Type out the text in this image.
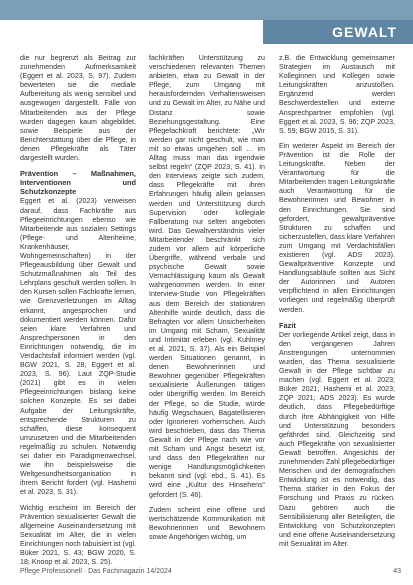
GEWALT

die nur begrenzt als Beitrag zur zunehmenden Aufmerksamkeit (Eggert et al. 2023, S. 97). Zudem bewerteten sie die mediale Aufbereitung als wenig sensibel und ausgewogen dargestellt. Fälle von Mitarbeitenden aus der Pflege wurden dagegen kaum abgebildet, sowie Beispiele aus der Berichterstattung über die Pflege, in denen Pflegekräfte als Täter dargestellt wurden.

Prävention – Maßnahmen, Interventionen und Schutzkonzepte

Eggert et al. (2023) verweisen darauf, dass Fachkräfte aus Pflegeeinrichtungen ebenso wie Mitarbeitende aus sozialen Settings (Pflege- und Altenheime, Krankenhäuser, Wohngemeinschaften) in der Pflegeausbildung über Gewalt und Schutzmaßnahmen als Teil des Lehrplans geschult werden sollen. In den Kursen sollen Fachkräfte lernen, wie Grenzverletzungen im Alltag erkannt, angesprochen und dokumentiert werden können. Dafür seien klare Verfahren und Ansprechpersonen in den Einrichtungen notwendig, die im Verdachtsfall informiert werden (vgl. BGW 2021, S. 28; Eggert et al. 2023, S. 96). Laut ZQP-Studie (2021) gibt es in vielen Pflegeeinrichtungen bislang keine solchen Konzepte. Es sei dabei Aufgabe der Leitungskräfte, entsprechende Strukturen zu schaffen, diese konsequent umzusetzen und die Mitarbeitenden regelmäßig zu schulen. Notwendig sei daher ein Paradigmenwechsel, wie ihn beispielsweise die Weltgesundheitsorganisation in ihrem Bericht fordert (vgl. Hashemi et al. 2023, S. 31).

Wichtig erscheint im Bereich der Prävention sexualisierter Gewalt die allgemeine Auseinandersetzung mit Sexualität im Alter, die in vielen Einrichtungen noch tabuisiert ist (vgl. Büker 2021, S. 43; BGW 2020, S. 18; Knoop et al. 2023, S. 25).

fachkräften Unterstützung zu verschiedenen relevanten Themen anbieten, etwa zu Gewalt in der Pflege, zum Umgang mit herausfordernden Verhaltensweisen und zu Gewalt im Alter, zu Nähe und Distanz sowie Beziehungsgestaltung. Eine Pflegefachkraft berichtete: „Wir werden gar nicht geschult, wie man mit so etwas umgehen soll … im Alltag muss man das irgendwie selbst regeln“ (ZQP 2023, S. 41). In den Interviews zeigte sich zudem, dass Pflegekräfte mit ihren Erfahrungen häufig allein gelassen werden und Unterstützung durch Supervision oder kollegiale Fallberatung nur selten angeboten wird. Das Gewaltverständnis vieler Mitarbeitender beschränkt sich zudem vor allem auf körperliche Übergriffe, während verbale und psychische Gewalt sowie Vernachlässigung kaum als Gewalt wahrgenommen werden. In einer Interview-Studie von Pflegekräften aus dem Bereich der stationären Altenhilfe wurde deutlich, dass die Befragten vor allem Unsicherheiten im Umgang mit Scham, Sexualität und Intimität erleben (vgl. Kuhlmey et al. 2021, S. 37). Als ein Beispiel werden Situationen genannt, in denen Bewohnerinnen und Bewohner gegenüber Pflegekräften sexualisierte Äußerungen tätigen oder übergriffig werden. Im Bereich der Pflege, so die Studie, würde häufig Wegschauen, Bagatellisieren oder Ignorieren vorherrschen. Auch wird beschrieben, dass das Thema Gewalt in der Pflege nach wie vor mit Scham und Angst besetzt ist, und dass den Pflegekräften nur wenige Handlungsmöglichkeiten bekannt sind (vgl. ebd., S. 41). Es wird eine „Kultur des Hinsehens“ gefordert (S. 46).

Zudem scheint eine offene und wertschätzende Kommunikation mit Bewohnerinnen und Bewohnern sowie Angehörigen wichtig, um

z.B. die Entwicklung gemeinsamer Strategien im Austausch mit Kolleginnen und Kollegen sowie Leitungskräften anzustoßen. Ergänzend werden Beschwerdestellen und externe Ansprechpartner empfohlen (vgl. Eggert et al. 2023, S. 96; ZQP 2023, S. 59; BGW 2015, S. 31).

Ein weiterer Aspekt im Bereich der Prävention ist die Rolle der Leitungskräfte. Neben der Verantwortung für die Mitarbeitenden tragen Leitungskräfte auch Verantwortung für die Bewohnerinnen und Bewohner in den Einrichtungen. Sie sind gefordert, gewaltpräventive Strukturen zu schaffen und sicherzustellen, dass klare Verfahren zum Umgang mit Verdachtsfällen existieren (vgl. ADS 2023). Gewaltpräventive Konzepte und Handlungsabläufe sollten aus Sicht der Autorinnen und Autoren verpflichtend in allen Einrichtungen vorliegen und regelmäßig überprüft werden.

Fazit

Der vorliegende Artikel zeigt, dass in den vergangenen Jahren Anstrengungen unternommen wurden, das Thema sexualisierte Gewalt in der Pflege sichtbar zu machen (vgl. Eggert et al. 2023; Büker 2021; Hashemi et al. 2023; ZQP 2021; ADS 2023). Es wurde deutlich, dass Pflegebedürftige durch ihre Abhängigkeit von Hilfe und Unterstützung besonders gefährdet sind. Gleichzeitig sind auch Pflegekräfte von sexualisierter Gewalt betroffen. Angesichts der zunehmenden Zahl pflegebedürftiger Menschen und der demografischen Entwicklung ist es notwendig, das Thema stärker in den Fokus der Forschung und Praxis zu rücken. Dazu gehören auch die Sensibilisierung aller Beteiligten, die Entwicklung von Schutzkonzepten und eine offene Auseinandersetzung mit Sexualität im Alter.

Pflege Professionell · Das Fachmagazin 14/2024	43
